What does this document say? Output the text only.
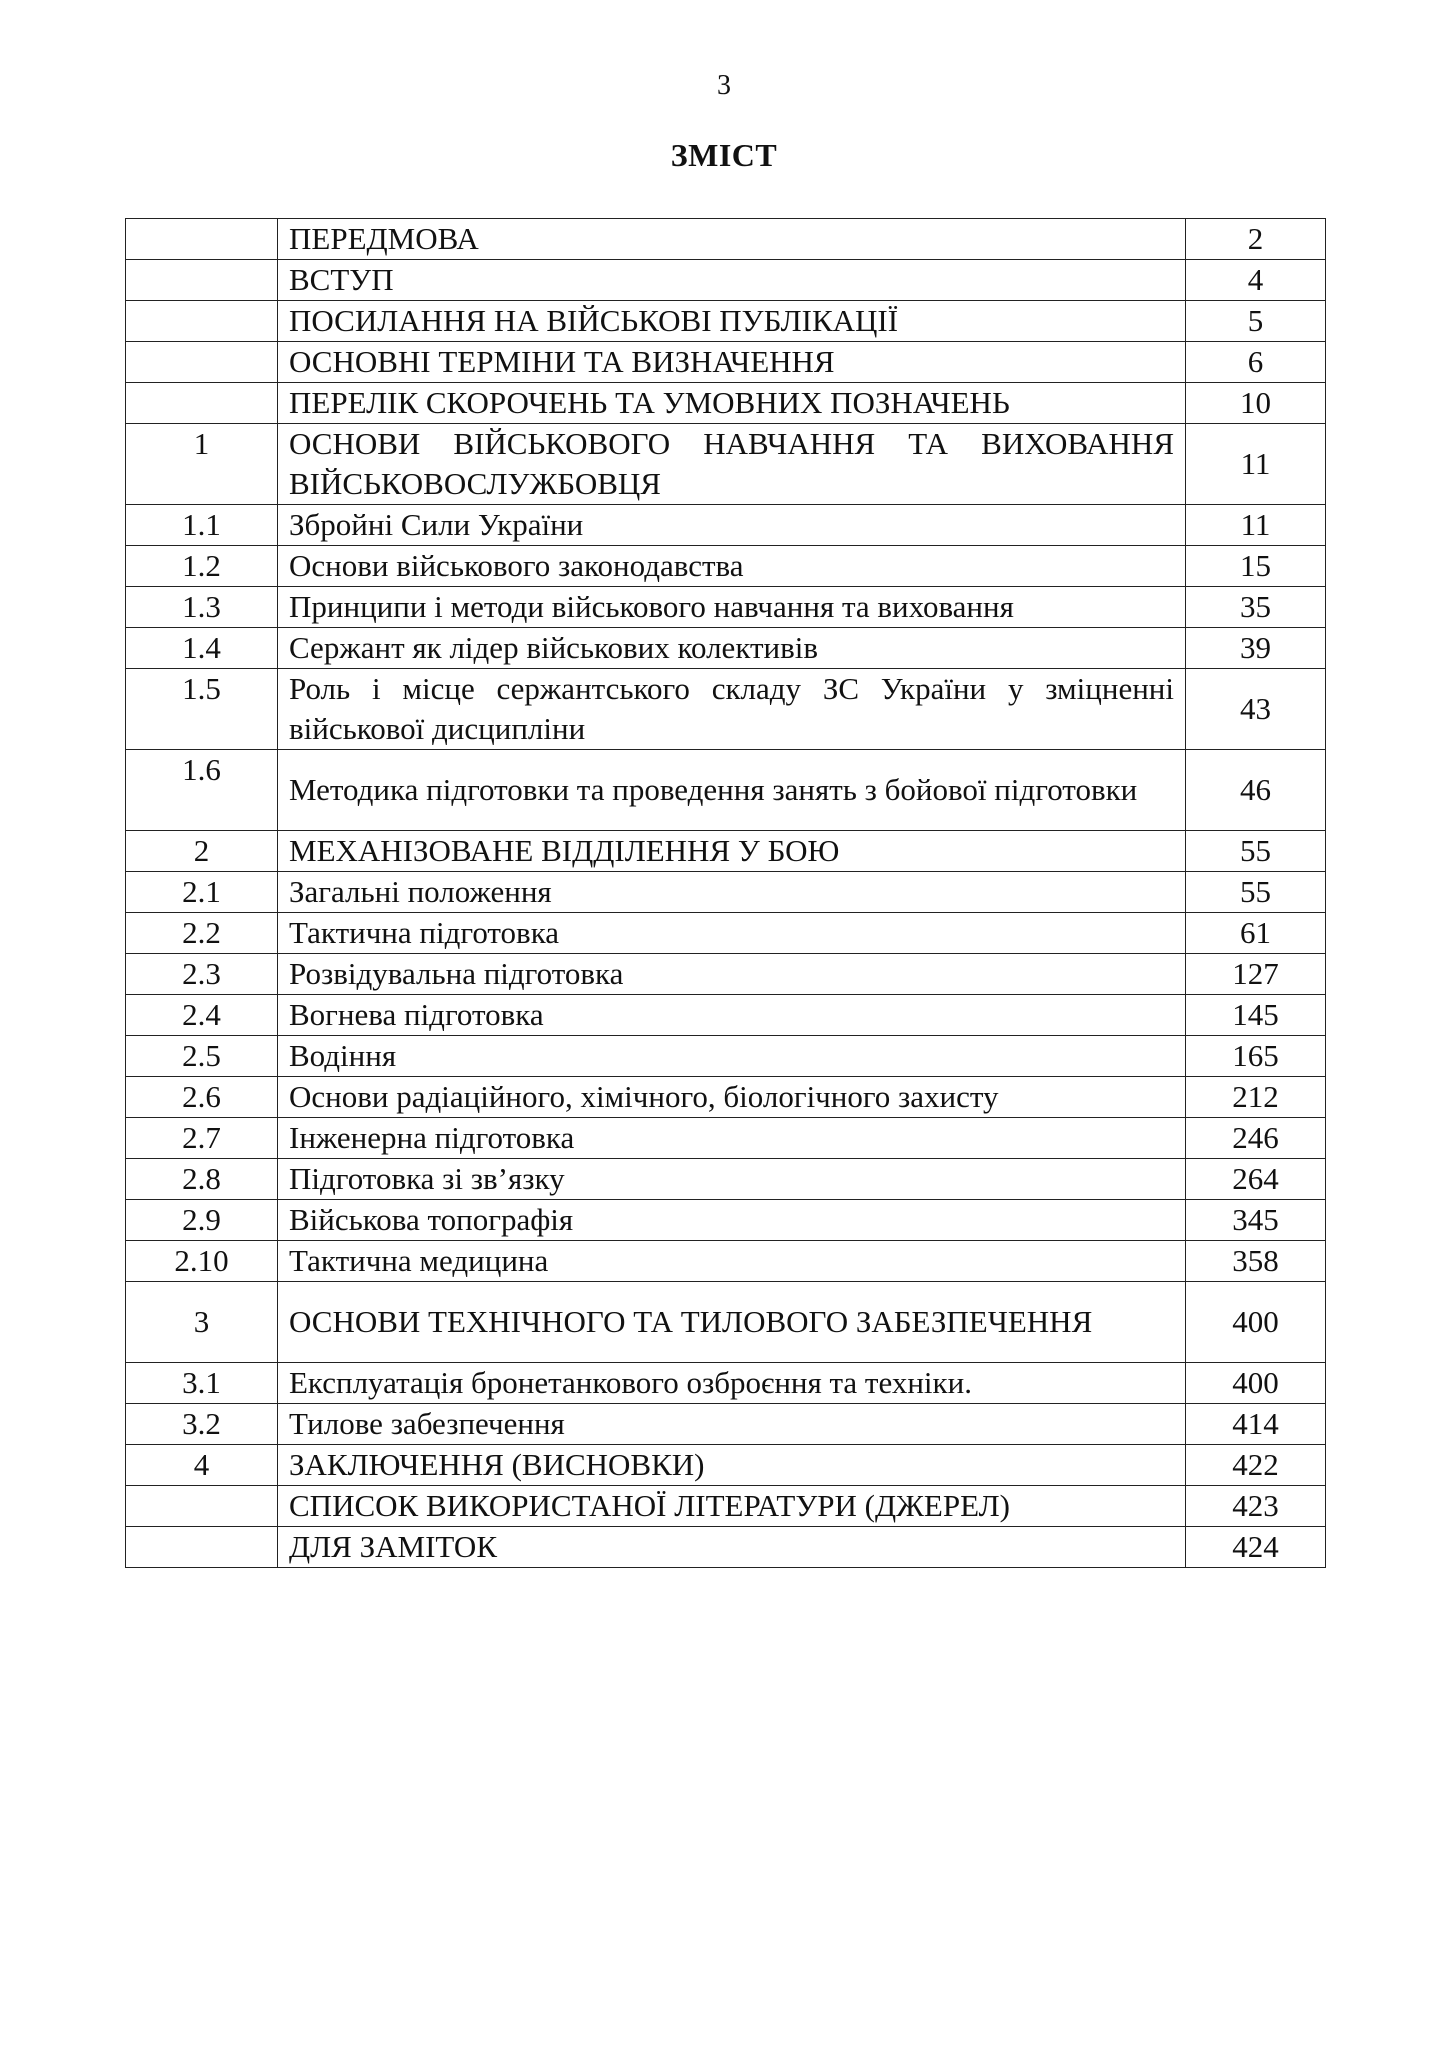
3
ЗМІСТ
	ПЕРЕДМОВА	2
	ВСТУП	4
	ПОСИЛАННЯ НА ВІЙСЬКОВІ ПУБЛІКАЦІЇ	5
	ОСНОВНІ ТЕРМІНИ ТА ВИЗНАЧЕННЯ	6
	ПЕРЕЛІК СКОРОЧЕНЬ ТА УМОВНИХ ПОЗНАЧЕНЬ	10
1	ОСНОВИ ВІЙСЬКОВОГО НАВЧАННЯ ТА ВИХОВАННЯ ВІЙСЬКОВОСЛУЖБОВЦЯ	11
1.1	Збройні Сили України	11
1.2	Основи військового законодавства	15
1.3	Принципи і методи військового навчання та виховання	35
1.4	Сержант як лідер військових колективів	39
1.5	Роль і місце сержантського складу ЗС України у зміцненні військової дисципліни	43
1.6	Методика підготовки та проведення занять з бойової підготовки	46
2	МЕХАНІЗОВАНЕ ВІДДІЛЕННЯ У БОЮ	55
2.1	Загальні положення	55
2.2	Тактична підготовка	61
2.3	Розвідувальна підготовка	127
2.4	Вогнева підготовка	145
2.5	Водіння	165
2.6	Основи радіаційного, хімічного, біологічного захисту	212
2.7	Інженерна підготовка	246
2.8	Підготовка зі зв’язку	264
2.9	Військова топографія	345
2.10	Тактична медицина	358
3	ОСНОВИ ТЕХНІЧНОГО ТА ТИЛОВОГО ЗАБЕЗПЕЧЕННЯ	400
3.1	Експлуатація бронетанкового озброєння та техніки.	400
3.2	Тилове забезпечення	414
4	ЗАКЛЮЧЕННЯ (ВИСНОВКИ)	422
	СПИСОК ВИКОРИСТАНОЇ ЛІТЕРАТУРИ (ДЖЕРЕЛ)	423
	ДЛЯ ЗАМІТОК	424
